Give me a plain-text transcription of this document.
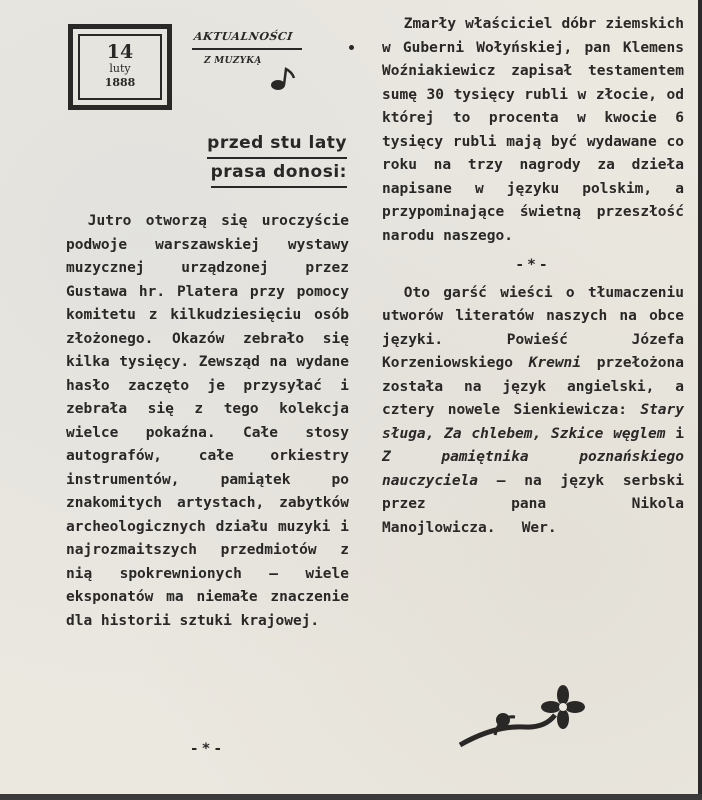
14
luty
1888
AKTUALNOŚCI
Z MUZYKĄ
przed stu laty
prasa donosi:

Jutro otworzą się uroczyście podwoje warszawskiej wystawy muzycznej urządzonej przez Gustawa hr. Platera przy pomocy komitetu z kilkudziesięciu osób złożonego. Okazów zebrało się kilka tysięcy. Zewsząd na wydane hasło zaczęto je przysyłać i zebrała się z tego kolekcja wielce pokaźna. Całe stosy autografów, całe orkiestry instrumentów, pamiątek po znakomitych artystach, zabytków archeologicznych działu muzyki i najrozmaitszych przedmiotów z nią spokrewnionych — wiele eksponatów ma niemałe znaczenie dla historii sztuki krajowej.

-*-

Zmarły właściciel dóbr ziemskich w Guberni Wołyńskiej, pan Klemens Woźniakiewicz zapisał testamentem sumę 30 tysięcy rubli w złocie, od której to procenta w kwocie 6 tysięcy rubli mają być wydawane co roku na trzy nagrody za dzieła napisane w języku polskim, a przypominające świetną przeszłość narodu naszego.

-*-

Oto garść wieści o tłumaczeniu utworów literatów naszych na obce języki. Powieść Józefa Korzeniowskiego Krewni przełożona została na język angielski, a cztery nowele Sienkiewicza: Stary sługa, Za chlebem, Szkice węglem i Z pamiętnika poznańskiego nauczyciela — na język serbski przez pana Nikola Manojlowicza. Wer.
